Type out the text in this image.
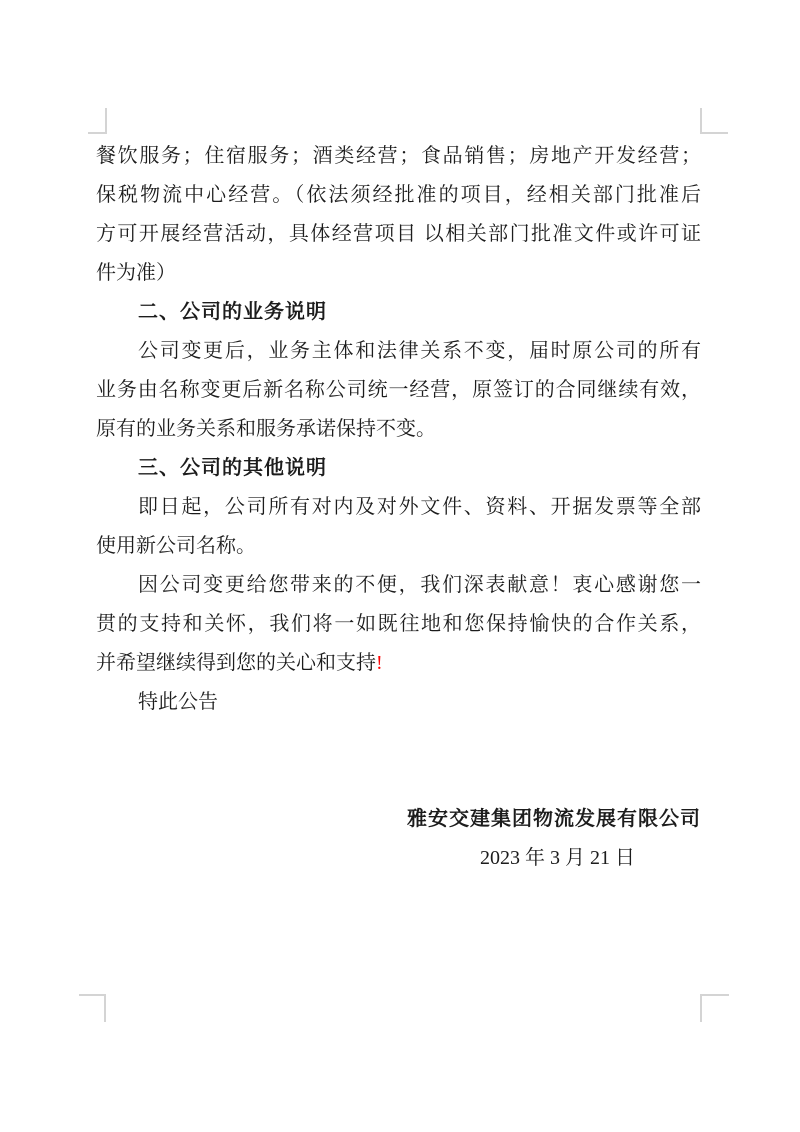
餐饮服务；住宿服务；酒类经营；食品销售；房地产开发经营；
保税物流中心经营。（依法须经批准的项目，经相关部门批准后
方可开展经营活动，具体经营项目 以相关部门批准文件或许可证
件为准）
二、公司的业务说明
公司变更后，业务主体和法律关系不变，届时原公司的所有
业务由名称变更后新名称公司统一经营，原签订的合同继续有效，
原有的业务关系和服务承诺保持不变。
三、公司的其他说明
即日起，公司所有对内及对外文件、资料、开据发票等全部
使用新公司名称。
因公司变更给您带来的不便，我们深表献意！衷心感谢您一
贯的支持和关怀，我们将一如既往地和您保持愉快的合作关系，
并希望继续得到您的关心和支持!
特此公告
雅安交建集团物流发展有限公司
2023 年 3 月 21 日
